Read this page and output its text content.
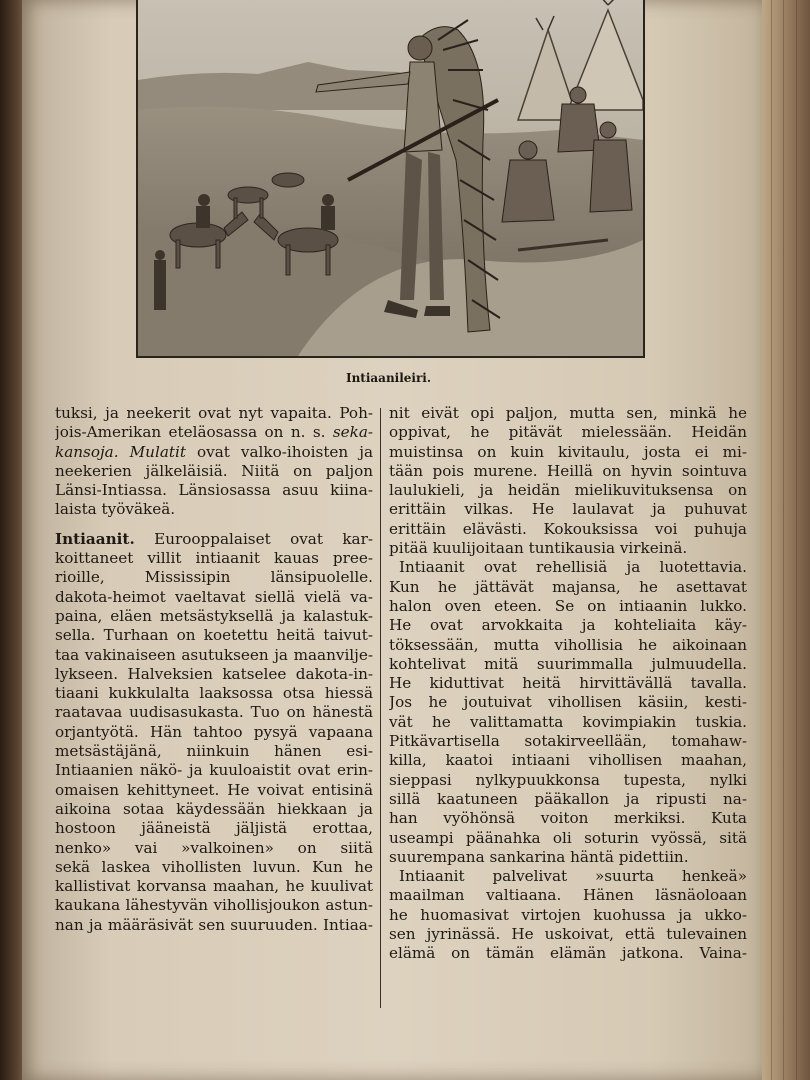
Intiaanileiri.
tuksi, ja neekerit ovat nyt vapaita. Poh-
jois-Amerikan eteläosassa on n. s. seka-
kansoja. Mulatit ovat valko-ihoisten ja
neekerien jälkeläisiä. Niitä on paljon
Länsi-Intiassa. Länsiosassa asuu kiina-
laista työväkeä.
Intiaanit. Eurooppalaiset ovat kar-
koittaneet villit intiaanit kauas pree-
rioille, Mississipin länsipuolelle.
dakota-heimot vaeltavat siellä vielä va-
paina, eläen metsästyksellä ja kalastuk-
sella. Turhaan on koetettu heitä taivut-
taa vakinaiseen asutukseen ja maanvilje-
lykseen. Halveksien katselee dakota-in-
tiaani kukkulalta laaksossa otsa hiessä
raatavaa uudisasukasta. Tuo on hänestä
orjantyötä. Hän tahtoo pysyä vapaana
metsästäjänä, niinkuin hänen esi-
Intiaanien näkö- ja kuuloaistit ovat erin-
omaisen kehittyneet. He voivat entisinä
aikoina sotaa käydessään hiekkaan ja
hostoon jääneistä jäljistä erottaa,
nenko» vai »valkoinen» on siitä
sekä laskea vihollisten luvun. Kun he
kallistivat korvansa maahan, he kuulivat
kaukana lähestyvän vihollisjoukon astun-
nan ja määräsivät sen suuruuden. Intiaa-
nit eivät opi paljon, mutta sen, minkä he
oppivat, he pitävät mielessään. Heidän
muistinsa on kuin kivitaulu, josta ei mi-
tään pois murene. Heillä on hyvin sointuva
laulukieli, ja heidän mielikuvituksensa on
erittäin vilkas. He laulavat ja puhuvat
erittäin elävästi. Kokouksissa voi puhuja
pitää kuulijoitaan tuntikausia virkeinä.
Intiaanit ovat rehellisiä ja luotettavia.
Kun he jättävät majansa, he asettavat
halon oven eteen. Se on intiaanin lukko.
He ovat arvokkaita ja kohteliaita käy-
töksessään, mutta vihollisia he aikoinaan
kohtelivat mitä suurimmalla julmuudella.
He kiduttivat heitä hirvittävällä tavalla.
Jos he joutuivat vihollisen käsiin, kesti-
vät he valittamatta kovimpiakin tuskia.
Pitkävartisella sotakirveellään, tomahaw-
killa, kaatoi intiaani vihollisen maahan,
sieppasi nylkypuukkonsa tupesta, nylki
sillä kaatuneen pääkallon ja ripusti na-
han vyöhönsä voiton merkiksi. Kuta
useampi päänahka oli soturin vyössä, sitä
suurempana sankarina häntä pidettiin.
Intiaanit palvelivat »suurta henkeä»
maailman valtiaana. Hänen läsnäoloaan
he huomasivat virtojen kuohussa ja ukko-
sen jyrinässä. He uskoivat, että tulevainen
elämä on tämän elämän jatkona. Vaina-
